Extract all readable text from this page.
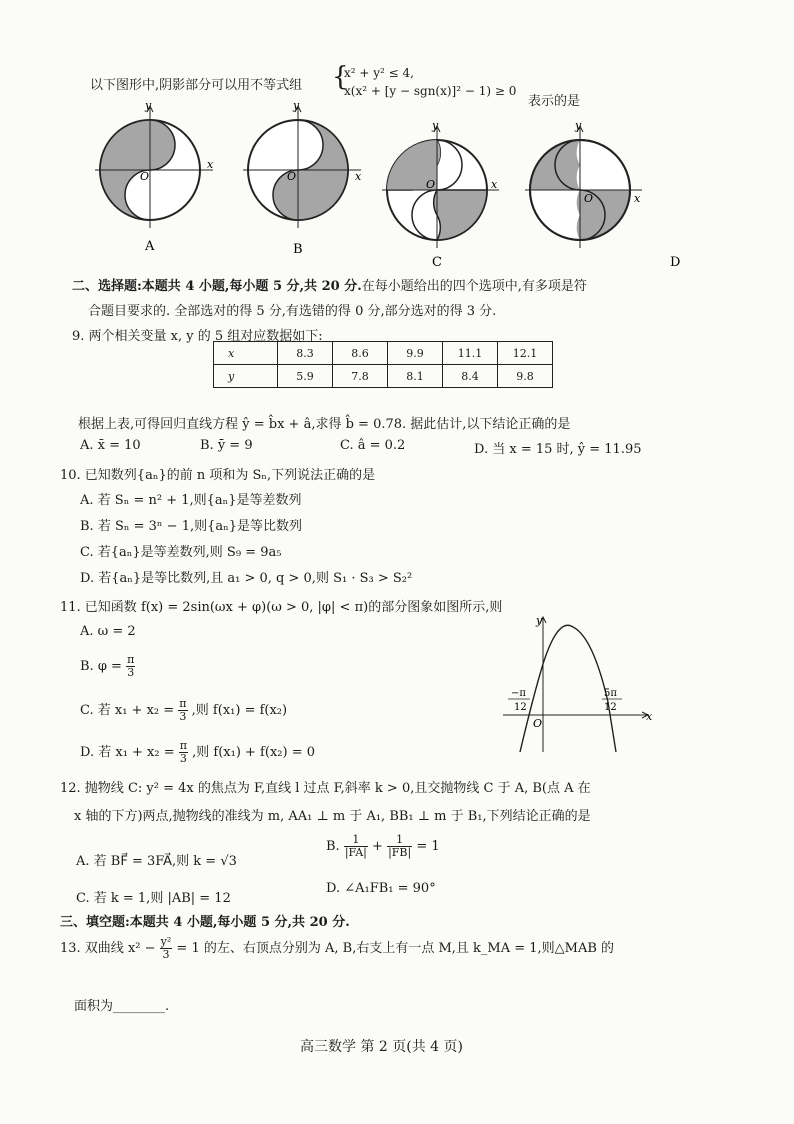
以下图形中,阴影部分可以用不等式组 {
x² + y² ≤ 4,
x(x² + [y − sgn(x)]² − 1) ≥ 0
表示的是
y
x
O
A
y
x
O
B
y
x
O
C
y
x
O
D
二、选择题:本题共 4 小题,每小题 5 分,共 20 分.在每小题给出的四个选项中,有多项是符
合题目要求的. 全部选对的得 5 分,有选错的得 0 分,部分选对的得 3 分.
9. 两个相关变量 x, y 的 5 组对应数据如下:
x	8.3	8.6	9.9	11.1	12.1
y	5.9	7.8	8.1	8.4	9.8
根据上表,可得回归直线方程 ŷ = b̂x + â,求得 b̂ = 0.78. 据此估计,以下结论正确的是
A. x̄ = 10	B. ȳ = 9	C. â = 0.2	D. 当 x = 15 时, ŷ = 11.95
10. 已知数列{aₙ}的前 n 项和为 Sₙ,下列说法正确的是
A. 若 Sₙ = n² + 1,则{aₙ}是等差数列
B. 若 Sₙ = 3ⁿ − 1,则{aₙ}是等比数列
C. 若{aₙ}是等差数列,则 S₉ = 9a₅
D. 若{aₙ}是等比数列,且 a₁ > 0, q > 0,则 S₁ · S₃ > S₂²
11. 已知函数 f(x) = 2sin(ωx + φ)(ω > 0, |φ| < π)的部分图象如图所示,则
A. ω = 2
B. $\varphi = \frac{\pi}{3}$
C. 若 $x_1 + x_2 = \frac{\pi}{3}$ ,则 f(x₁) = f(x₂)
D. 若 $x_1 + x_2 = \frac{\pi}{3}$ ,则 f(x₁) + f(x₂) = 0
y
x
O
−π
12
5π
12
12. 抛物线 C: y² = 4x 的焦点为 F,直线 l 过点 F,斜率 k > 0,且交抛物线 C 于 A, B(点 A 在
x 轴的下方)两点,抛物线的准线为 m, AA₁ ⊥ m 于 A₁, BB₁ ⊥ m 于 B₁,下列结论正确的是
A. 若 BF⃗ = 3FA⃗,则 k = √3
B. $\frac{1}{|FA|} + \frac{1}{|FB|} = 1$
C. 若 k = 1,则 |AB| = 12
D. ∠A₁FB₁ = 90°
三、填空题:本题共 4 小题,每小题 5 分,共 20 分.
13. 双曲线 $x^2 - \frac{\text{y²}}{3} = 1$ 的左、右顶点分别为 A, B,右支上有一点 M,且 k_MA = 1,则△MAB 的
面积为________.
高三数学 第 2 页(共 4 页)
